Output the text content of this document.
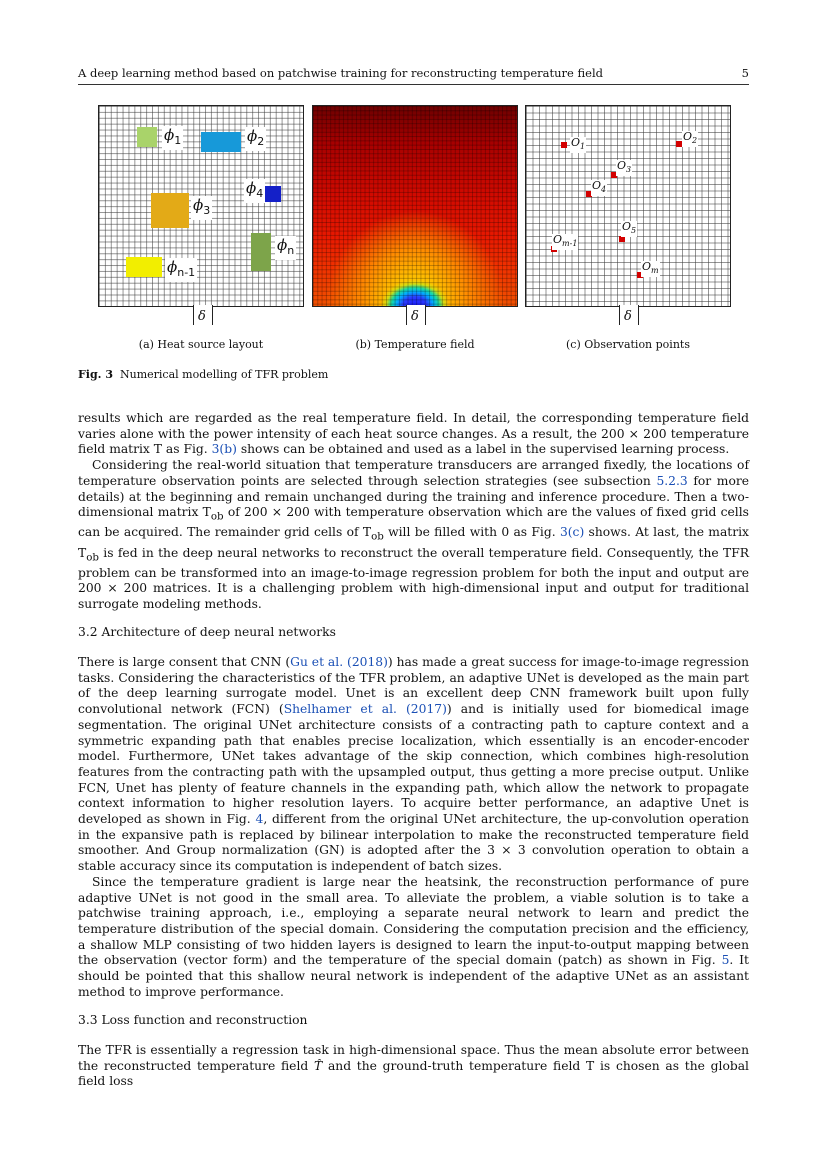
A deep learning method based on patchwise training for reconstructing temperature field	5
$\phi_1$	$\phi_2$
$\phi_3$
$\phi_4$
$\phi_n$
$\phi_{n-1}$
δ
(a) Heat source layout
δ
(b) Temperature field
$O_1$
$O_2$
$O_3$
$O_4$
$O_5$
$O_{m-1}$
$O_m$
δ
(c) Observation points
Fig. 3 Numerical modelling of TFR problem

results which are regarded as the real temperature field. In detail, the corresponding temperature field varies alone with the power intensity of each heat source changes. As a result, the 200 × 200 temperature field matrix T as Fig. 3(b) shows can be obtained and used as a label in the supervised learning process.

Considering the real-world situation that temperature transducers are arranged fixedly, the locations of temperature observation points are selected through selection strategies (see subsection 5.2.3 for more details) at the beginning and remain unchanged during the training and inference procedure. Then a two-dimensional matrix $T_{ob}$ of 200 × 200 with temperature observation which are the values of fixed grid cells can be acquired. The remainder grid cells of $T_{ob}$ will be filled with 0 as Fig. 3(c) shows. At last, the matrix $T_{ob}$ is fed in the deep neural networks to reconstruct the overall temperature field. Consequently, the TFR problem can be transformed into an image-to-image regression problem for both the input and output are 200 × 200 matrices. It is a challenging problem with high-dimensional input and output for traditional surrogate modeling methods.

3.2 Architecture of deep neural networks

There is large consent that CNN (Gu et al. (2018)) has made a great success for image-to-image regression tasks. Considering the characteristics of the TFR problem, an adaptive UNet is developed as the main part of the deep learning surrogate model. Unet is an excellent deep CNN framework built upon fully convolutional network (FCN) (Shelhamer et al. (2017)) and is initially used for biomedical image segmentation. The original UNet architecture consists of a contracting path to capture context and a symmetric expanding path that enables precise localization, which essentially is an encoder-encoder model. Furthermore, UNet takes advantage of the skip connection, which combines high-resolution features from the contracting path with the upsampled output, thus getting a more precise output. Unlike FCN, Unet has plenty of feature channels in the expanding path, which allow the network to propagate context information to higher resolution layers. To acquire better performance, an adaptive Unet is developed as shown in Fig. 4, different from the original UNet architecture, the up-convolution operation in the expansive path is replaced by bilinear interpolation to make the reconstructed temperature field smoother. And Group normalization (GN) is adopted after the 3 × 3 convolution operation to obtain a stable accuracy since its computation is independent of batch sizes.

Since the temperature gradient is large near the heatsink, the reconstruction performance of pure adaptive UNet is not good in the small area. To alleviate the problem, a viable solution is to take a patchwise training approach, i.e., employing a separate neural network to learn and predict the temperature distribution of the special domain. Considering the computation precision and the efficiency, a shallow MLP consisting of two hidden layers is designed to learn the input-to-output mapping between the observation (vector form) and the temperature of the special domain (patch) as shown in Fig. 5. It should be pointed that this shallow neural network is independent of the adaptive UNet as an assistant method to improve performance.

3.3 Loss function and reconstruction

The TFR is essentially a regression task in high-dimensional space. Thus the mean absolute error between the reconstructed temperature field T̂ and the ground-truth temperature field T is chosen as the global field loss
